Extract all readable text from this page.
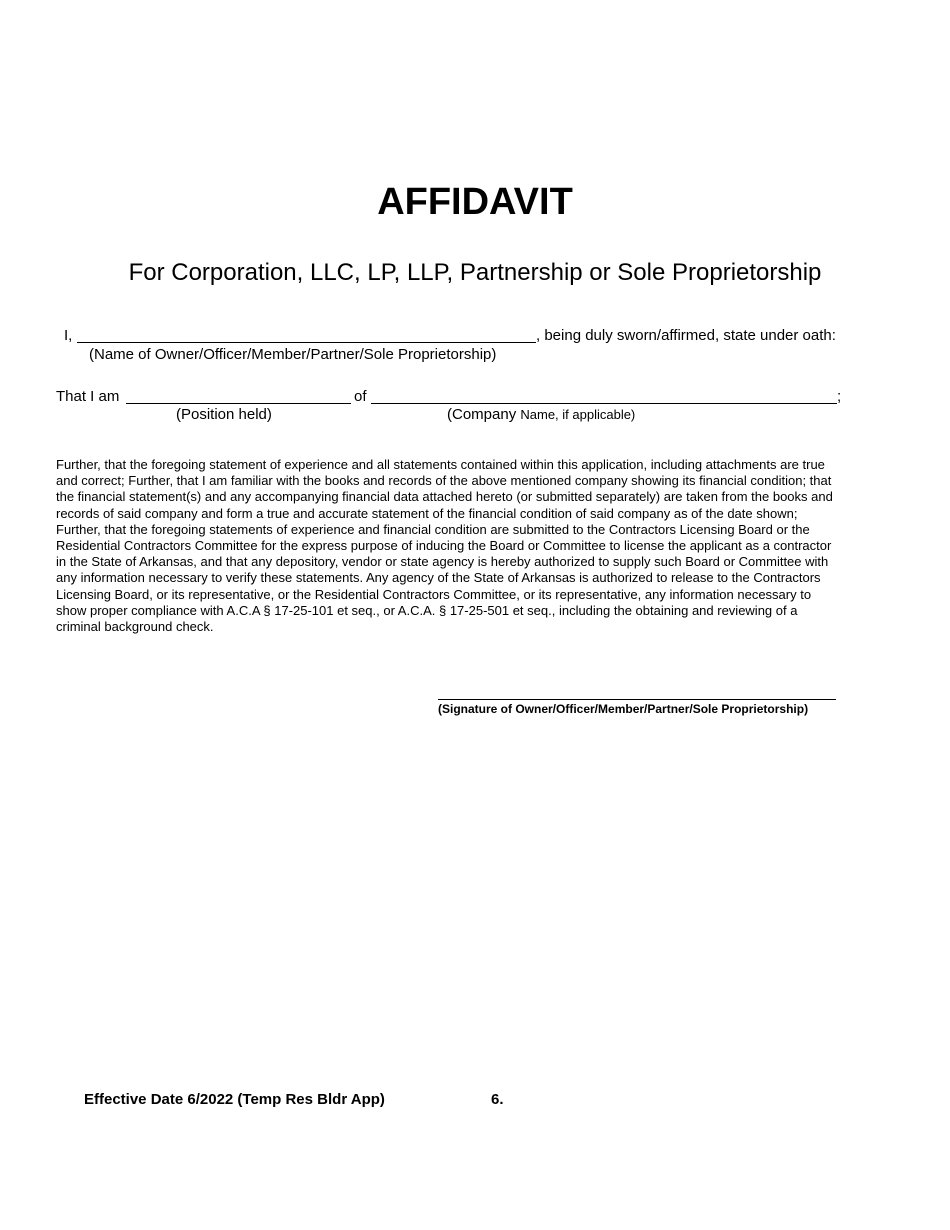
AFFIDAVIT
For Corporation, LLC, LP, LLP, Partnership or Sole Proprietorship
I,	, being duly sworn/affirmed, state under oath:
(Name of Owner/Officer/Member/Partner/Sole Proprietorship)
That I am	of	;
(Position held)	(Company Name, if applicable)
Further, that the foregoing statement of experience and all statements contained within this application, including attachments are true
and correct; Further, that I am familiar with the books and records of the above mentioned company showing its financial condition; that
the financial statement(s) and any accompanying financial data attached hereto (or submitted separately) are taken from the books and
records of said company and form a true and accurate statement of the financial condition of said company as of the date shown;
Further, that the foregoing statements of experience and financial condition are submitted to the Contractors Licensing Board or the
Residential Contractors Committee for the express purpose of inducing the Board or Committee to license the applicant as a contractor
in the State of Arkansas, and that any depository, vendor or state agency is hereby authorized to supply such Board or Committee with
any information necessary to verify these statements. Any agency of the State of Arkansas is authorized to release to the Contractors
Licensing Board, or its representative, or the Residential Contractors Committee, or its representative, any information necessary to
show proper compliance with A.C.A § 17-25-101 et seq., or A.C.A. § 17-25-501 et seq., including the obtaining and reviewing of a
criminal background check.
(Signature of Owner/Officer/Member/Partner/Sole Proprietorship)
Effective Date 6/2022 (Temp Res Bldr App)	6.
